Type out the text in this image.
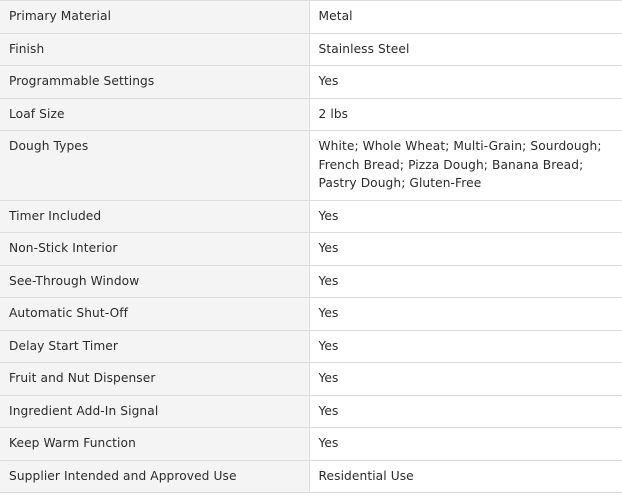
Primary Material	Metal
Finish	Stainless Steel
Programmable Settings	Yes
Loaf Size	2 lbs
Dough Types	White; Whole Wheat; Multi-Grain; Sourdough; French Bread; Pizza Dough; Banana Bread; Pastry Dough; Gluten-Free
Timer Included	Yes
Non-Stick Interior	Yes
See-Through Window	Yes
Automatic Shut-Off	Yes
Delay Start Timer	Yes
Fruit and Nut Dispenser	Yes
Ingredient Add-In Signal	Yes
Keep Warm Function	Yes
Supplier Intended and Approved Use	Residential Use
